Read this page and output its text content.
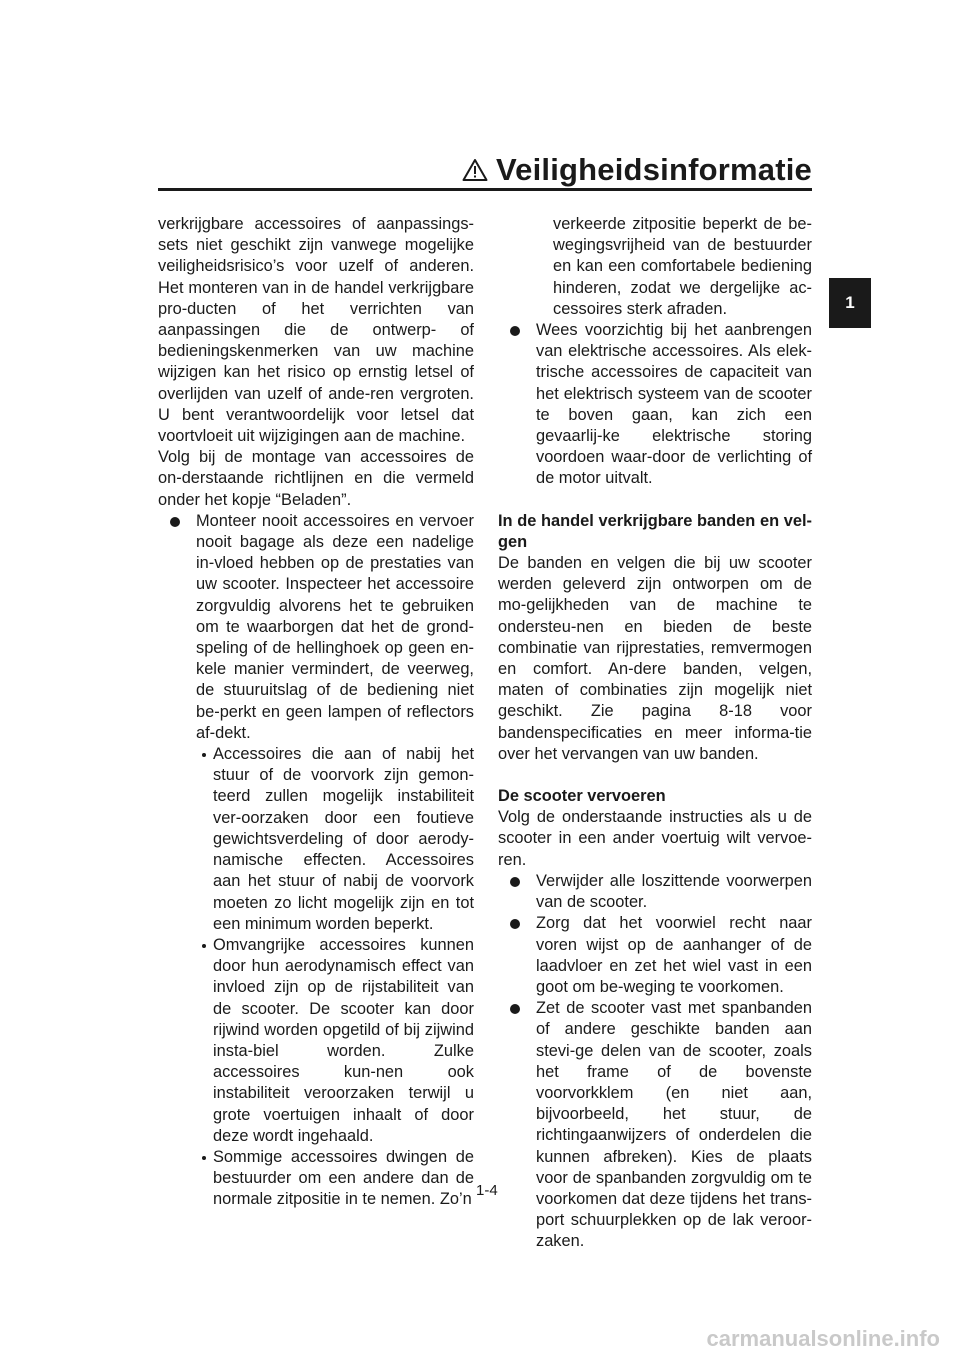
Veiligheidsinformatie
1

verkrijgbare accessoires of aanpassings-sets niet geschikt zijn vanwege mogelijke veiligheidsrisico’s voor uzelf of anderen. Het monteren van in de handel verkrijgbare pro-ducten of het verrichten van aanpassingen die de ontwerp- of bedieningskenmerken van uw machine wijzigen kan het risico op ernstig letsel of overlijden van uzelf of ande-ren vergroten. U bent verantwoordelijk voor letsel dat voortvloeit uit wijzigingen aan de machine.

Volg bij de montage van accessoires de on-derstaande richtlijnen en die vermeld onder het kopje “Beladen”.

Monteer nooit accessoires en vervoer nooit bagage als deze een nadelige in-vloed hebben op de prestaties van uw scooter. Inspecteer het accessoire zorgvuldig alvorens het te gebruiken om te waarborgen dat het de grond-speling of de hellinghoek op geen en-kele manier vermindert, de veerweg, de stuuruitslag of de bediening niet be-perkt en geen lampen of reflectors af-dekt.
Accessoires die aan of nabij het stuur of de voorvork zijn gemon-teerd zullen mogelijk instabiliteit ver-oorzaken door een foutieve gewichtsverdeling of door aerody-namische effecten. Accessoires aan het stuur of nabij de voorvork moeten zo licht mogelijk zijn en tot een minimum worden beperkt.
Omvangrijke accessoires kunnen door hun aerodynamisch effect van invloed zijn op de rijstabiliteit van de scooter. De scooter kan door rijwind worden opgetild of bij zijwind insta-biel worden. Zulke accessoires kun-nen ook instabiliteit veroorzaken terwijl u grote voertuigen inhaalt of door deze wordt ingehaald.
Sommige accessoires dwingen de bestuurder om een andere dan de normale zitpositie in te nemen. Zo’n

verkeerde zitpositie beperkt de be-wegingsvrijheid van de bestuurder en kan een comfortabele bediening hinderen, zodat we dergelijke ac-cessoires sterk afraden.

Wees voorzichtig bij het aanbrengen van elektrische accessoires. Als elek-trische accessoires de capaciteit van het elektrisch systeem van de scooter te boven gaan, kan zich een gevaarlij-ke elektrische storing voordoen waar-door de verlichting of de motor uitvalt.

In de handel verkrijgbare banden en vel-gen

De banden en velgen die bij uw scooter werden geleverd zijn ontworpen om de mo-gelijkheden van de machine te ondersteu-nen en bieden de beste combinatie van rijprestaties, remvermogen en comfort. An-dere banden, velgen, maten of combinaties zijn mogelijk niet geschikt. Zie pagina 8-18 voor bandenspecificaties en meer informa-tie over het vervangen van uw banden.

De scooter vervoeren

Volg de onderstaande instructies als u de scooter in een ander voertuig wilt vervoe-ren.

Verwijder alle loszittende voorwerpen van de scooter.
Zorg dat het voorwiel recht naar voren wijst op de aanhanger of de laadvloer en zet het wiel vast in een goot om be-weging te voorkomen.
Zet de scooter vast met spanbanden of andere geschikte banden aan stevi-ge delen van de scooter, zoals het frame of de bovenste voorvorkklem (en niet aan, bijvoorbeeld, het stuur, de richtingaanwijzers of onderdelen die kunnen afbreken). Kies de plaats voor de spanbanden zorgvuldig om te voorkomen dat deze tijdens het trans-port schuurplekken op de lak veroor-zaken.
1-4
carmanualsonline.info
